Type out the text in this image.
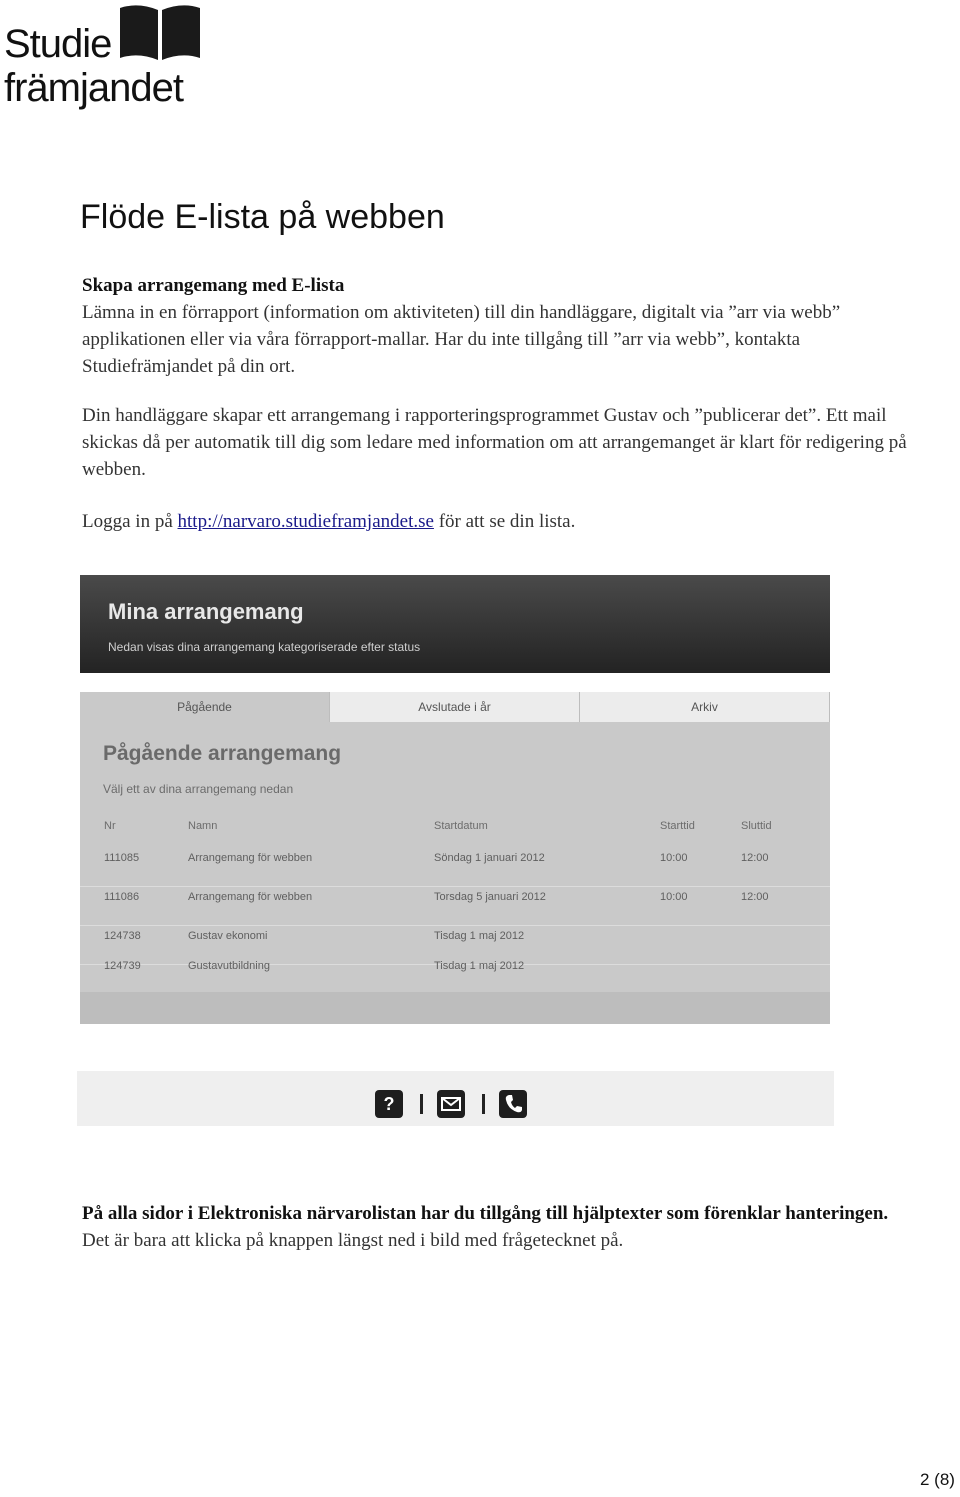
Studie
främjandet
Flöde E-lista på webben

Skapa arrangemang med E-lista
Lämna in en förrapport (information om aktiviteten) till din handläggare, digitalt via ”arr via webb” applikationen eller via våra förrapport-mallar. Har du inte tillgång till ”arr via webb”, kontakta Studiefrämjandet på din ort.

Din handläggare skapar ett arrangemang i rapporteringsprogrammet Gustav och ”publicerar det”. Ett mail skickas då per automatik till dig som ledare med information om att arrangemanget är klart för redigering på webben.

Logga in på http://narvaro.studieframjandet.se för att se din lista.

Mina arrangemang
Nedan visas dina arrangemang kategoriserade efter status
Pågående	Avslutade i år	Arkiv
Pågående arrangemang
Välj ett av dina arrangemang nedan
Nr	Namn	Startdatum	Starttid	Sluttid
111085	Arrangemang för webben	Söndag 1 januari 2012	10:00	12:00
111086	Arrangemang för webben	Torsdag 5 januari 2012	10:00	12:00
124738	Gustav ekonomi	Tisdag 1 maj 2012
124739	Gustavutbildning	Tisdag 1 maj 2012
?

På alla sidor i Elektroniska närvarolistan har du tillgång till hjälptexter som förenklar hanteringen.
Det är bara att klicka på knappen längst ned i bild med frågetecknet på.

2 (8)
